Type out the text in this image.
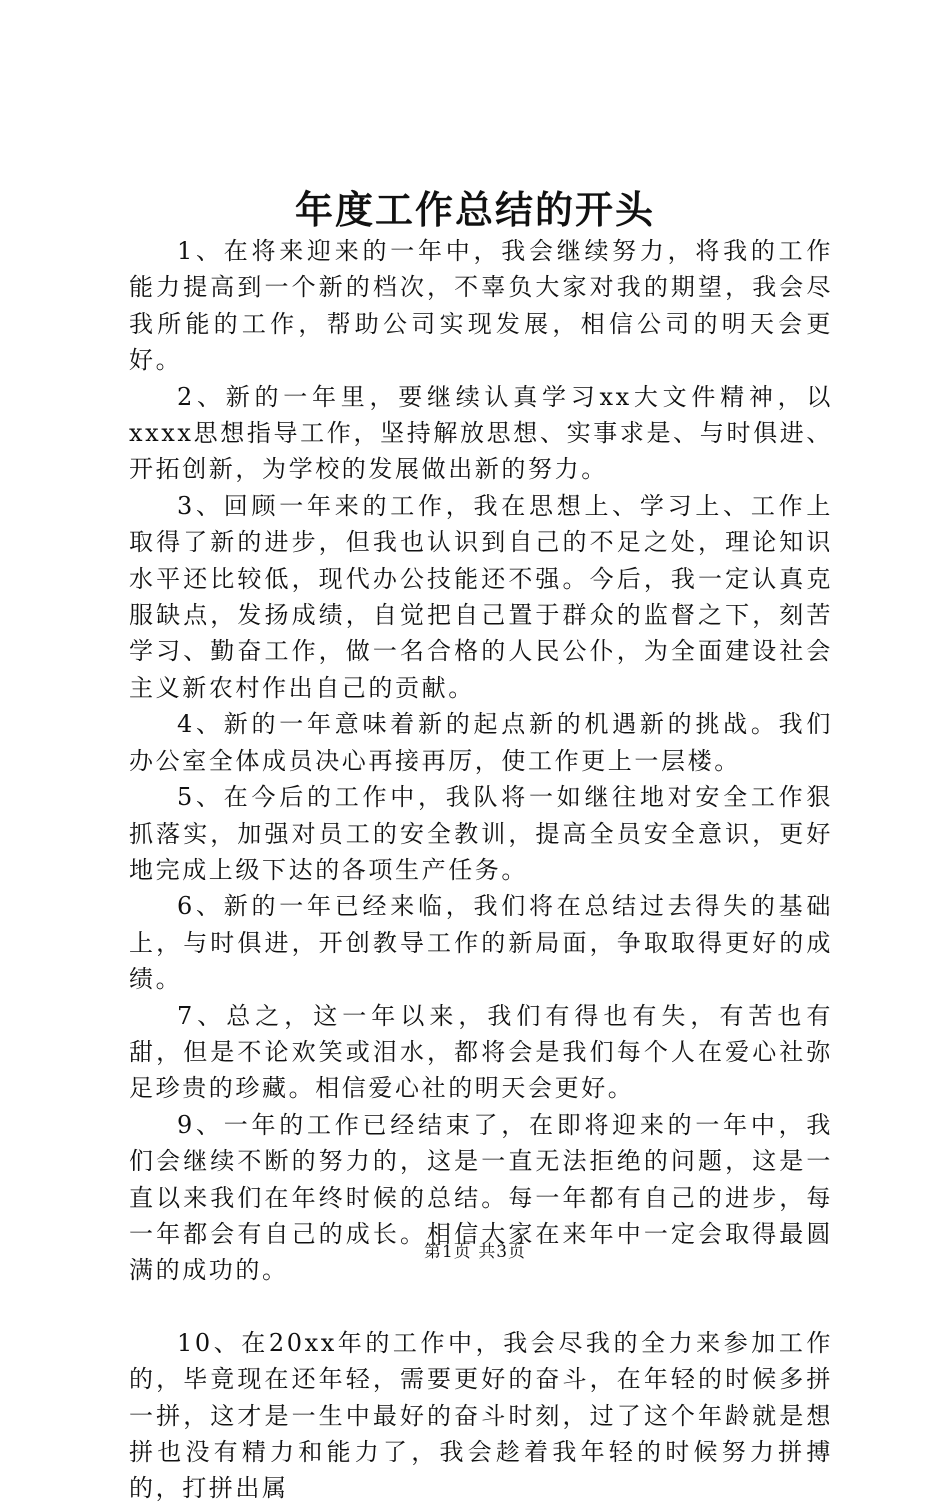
年度工作总结的开头

1、在将来迎来的一年中，我会继续努力，将我的工作能力提高到一个新的档次，不辜负大家对我的期望，我会尽我所能的工作，帮助公司实现发展，相信公司的明天会更好。

2、新的一年里，要继续认真学习xx大文件精神，以xxxx思想指导工作，坚持解放思想、实事求是、与时俱进、开拓创新，为学校的发展做出新的努力。

3、回顾一年来的工作，我在思想上、学习上、工作上取得了新的进步，但我也认识到自己的不足之处，理论知识水平还比较低，现代办公技能还不强。今后，我一定认真克服缺点，发扬成绩，自觉把自己置于群众的监督之下，刻苦学习、勤奋工作，做一名合格的人民公仆，为全面建设社会主义新农村作出自己的贡献。

4、新的一年意味着新的起点新的机遇新的挑战。我们办公室全体成员决心再接再厉，使工作更上一层楼。

5、在今后的工作中，我队将一如继往地对安全工作狠抓落实，加强对员工的安全教训，提高全员安全意识，更好地完成上级下达的各项生产任务。

6、新的一年已经来临，我们将在总结过去得失的基础上，与时俱进，开创教导工作的新局面，争取取得更好的成绩。

7、总之，这一年以来，我们有得也有失，有苦也有甜，但是不论欢笑或泪水，都将会是我们每个人在爱心社弥足珍贵的珍藏。相信爱心社的明天会更好。

9、一年的工作已经结束了，在即将迎来的一年中，我们会继续不断的努力的，这是一直无法拒绝的问题，这是一直以来我们在年终时候的总结。每一年都有自己的进步，每一年都会有自己的成长。相信大家在来年中一定会取得最圆满的成功的。

10、在20xx年的工作中，我会尽我的全力来参加工作的，毕竟现在还年轻，需要更好的奋斗，在年轻的时候多拼一拼，这才是一生中最好的奋斗时刻，过了这个年龄就是想拼也没有精力和能力了，我会趁着我年轻的时候努力拼搏的，打拼出属

第1页 共3页
